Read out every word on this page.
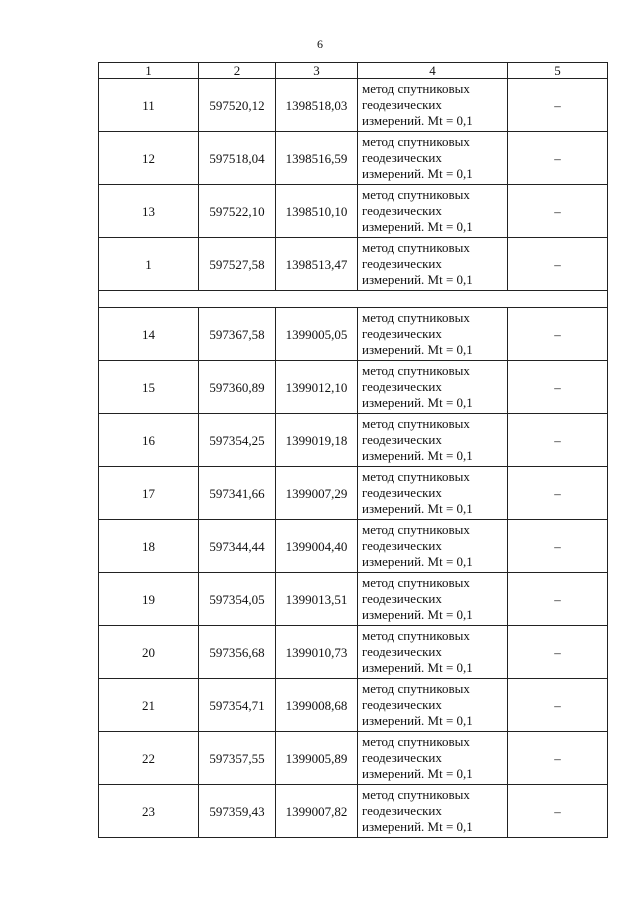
6
1	2	3	4	5
11	597520,12	1398518,03	метод спутниковых
геодезических
измерений. Mt = 0,1	–
12	597518,04	1398516,59	метод спутниковых
геодезических
измерений. Mt = 0,1	–
13	597522,10	1398510,10	метод спутниковых
геодезических
измерений. Mt = 0,1	–
1	597527,58	1398513,47	метод спутниковых
геодезических
измерений. Mt = 0,1	–

14	597367,58	1399005,05	метод спутниковых
геодезических
измерений. Mt = 0,1	–
15	597360,89	1399012,10	метод спутниковых
геодезических
измерений. Mt = 0,1	–
16	597354,25	1399019,18	метод спутниковых
геодезических
измерений. Mt = 0,1	–
17	597341,66	1399007,29	метод спутниковых
геодезических
измерений. Mt = 0,1	–
18	597344,44	1399004,40	метод спутниковых
геодезических
измерений. Mt = 0,1	–
19	597354,05	1399013,51	метод спутниковых
геодезических
измерений. Mt = 0,1	–
20	597356,68	1399010,73	метод спутниковых
геодезических
измерений. Mt = 0,1	–
21	597354,71	1399008,68	метод спутниковых
геодезических
измерений. Mt = 0,1	–
22	597357,55	1399005,89	метод спутниковых
геодезических
измерений. Mt = 0,1	–
23	597359,43	1399007,82	метод спутниковых
геодезических
измерений. Mt = 0,1	–
